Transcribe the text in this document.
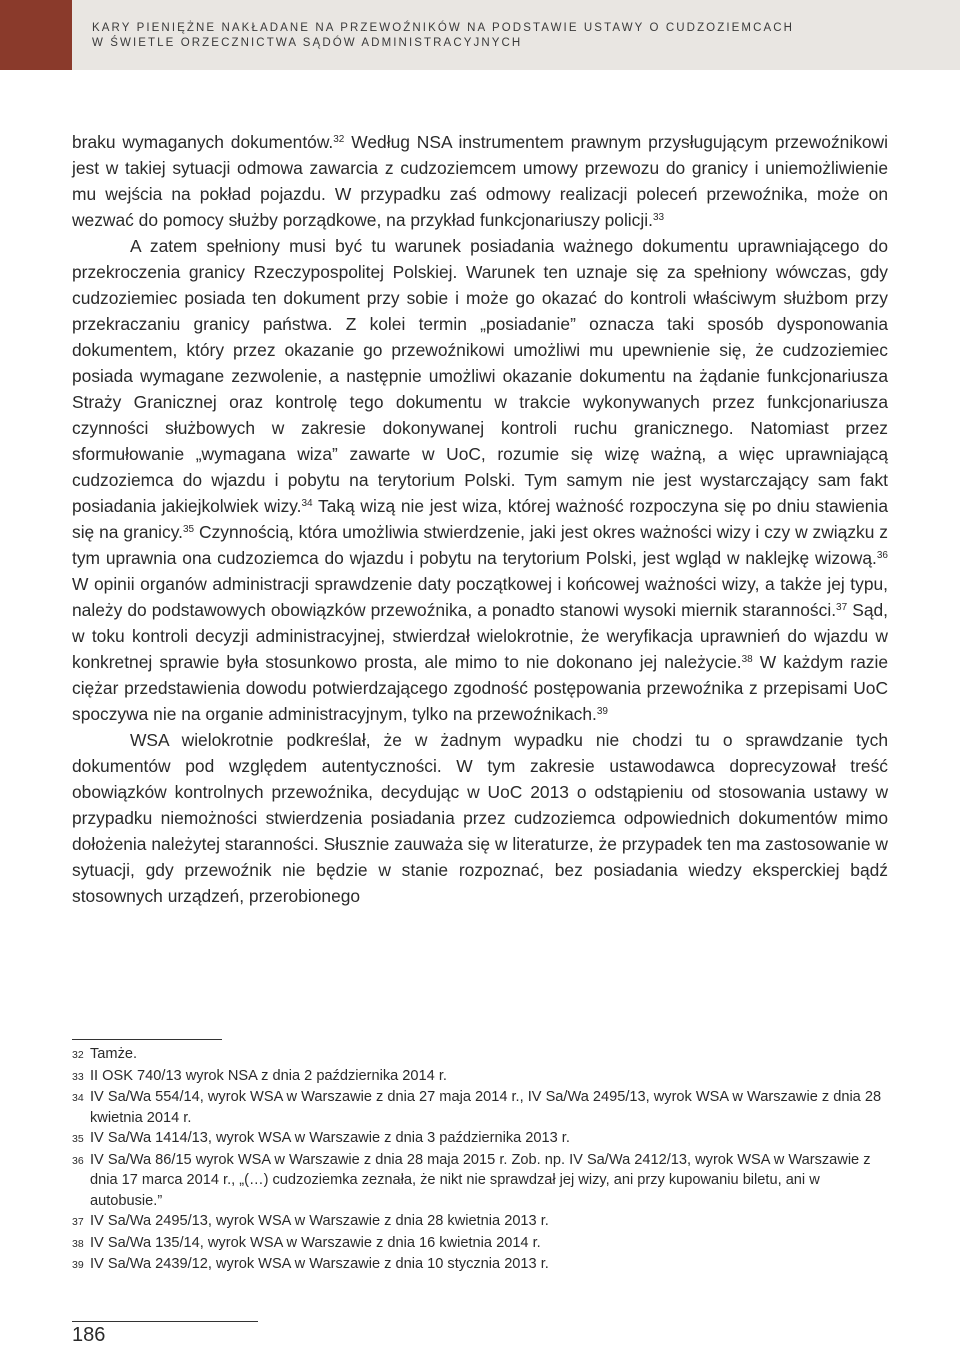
KARY PIENIĘŻNE NAKŁADANE NA PRZEWOŹNIKÓW NA PODSTAWIE USTAWY O CUDZOZIEMCACH
W ŚWIETLE ORZECZNICTWA SĄDÓW ADMINISTRACYJNYCH

braku wymaganych dokumentów.$^{32}$ Według NSA instrumentem prawnym przysługującym przewoźnikowi jest w takiej sytuacji odmowa zawarcia z cudzoziemcem umowy przewozu do granicy i uniemożliwienie mu wejścia na pokład pojazdu. W przypadku zaś odmowy realizacji poleceń przewoźnika, może on wezwać do pomocy służby porządkowe, na przykład funkcjonariuszy policji.$^{33}$

A zatem spełniony musi być tu warunek posiadania ważnego dokumentu uprawniającego do przekroczenia granicy Rzeczypospolitej Polskiej. Warunek ten uznaje się za spełniony wówczas, gdy cudzoziemiec posiada ten dokument przy sobie i może go okazać do kontroli właściwym służbom przy przekraczaniu granicy państwa. Z kolei termin „posiadanie” oznacza taki sposób dysponowania dokumentem, który przez okazanie go przewoźnikowi umożliwi mu upewnienie się, że cudzoziemiec posiada wymagane zezwolenie, a następnie umożliwi okazanie dokumentu na żądanie funkcjonariusza Straży Granicznej oraz kontrolę tego dokumentu w trakcie wykonywanych przez funkcjonariusza czynności służbowych w zakresie dokonywanej kontroli ruchu granicznego. Natomiast przez sformułowanie „wymagana wiza” zawarte w UoC, rozumie się wizę ważną, a więc uprawniającą cudzoziemca do wjazdu i pobytu na terytorium Polski. Tym samym nie jest wystarczający sam fakt posiadania jakiejkolwiek wizy.$^{34}$ Taką wizą nie jest wiza, której ważność rozpoczyna się po dniu stawienia się na granicy.$^{35}$ Czynnością, która umożliwia stwierdzenie, jaki jest okres ważności wizy i czy w związku z tym uprawnia ona cudzoziemca do wjazdu i pobytu na terytorium Polski, jest wgląd w naklejkę wizową.$^{36}$ W opinii organów administracji sprawdzenie daty początkowej i końcowej ważności wizy, a także jej typu, należy do podstawowych obowiązków przewoźnika, a ponadto stanowi wysoki miernik staranności.$^{37}$ Sąd, w toku kontroli decyzji administracyjnej, stwierdzał wielokrotnie, że weryfikacja uprawnień do wjazdu w konkretnej sprawie była stosunkowo prosta, ale mimo to nie dokonano jej należycie.$^{38}$ W każdym razie ciężar przedstawienia dowodu potwierdzającego zgodność postępowania przewoźnika z przepisami UoC spoczywa nie na organie administracyjnym, tylko na przewoźnikach.$^{39}$

WSA wielokrotnie podkreślał, że w żadnym wypadku nie chodzi tu o sprawdzanie tych dokumentów pod względem autentyczności. W tym zakresie ustawodawca doprecyzował treść obowiązków kontrolnych przewoźnika, decydując w UoC 2013 o odstąpieniu od stosowania ustawy w przypadku niemożności stwierdzenia posiadania przez cudzoziemca odpowiednich dokumentów mimo dołożenia należytej staranności. Słusznie zauważa się w literaturze, że przypadek ten ma zastosowanie w sytuacji, gdy przewoźnik nie będzie w stanie rozpoznać, bez posiadania wiedzy eksperckiej bądź stosownych urządzeń, przerobionego

32 Tamże.
33 II OSK 740/13 wyrok NSA z dnia 2 października 2014 r.
34 IV Sa/Wa 554/14, wyrok WSA w Warszawie z dnia 27 maja 2014 r., IV Sa/Wa 2495/13, wyrok WSA w Warszawie z dnia 28 kwietnia 2014 r.
35 IV Sa/Wa 1414/13, wyrok WSA w Warszawie z dnia 3 października 2013 r.
36 IV Sa/Wa 86/15 wyrok WSA w Warszawie z dnia 28 maja 2015 r. Zob. np. IV Sa/Wa 2412/13, wyrok WSA w Warszawie z dnia 17 marca 2014 r., „(…) cudzoziemka zeznała, że nikt nie sprawdzał jej wizy, ani przy kupowaniu biletu, ani w autobusie.”
37 IV Sa/Wa 2495/13, wyrok WSA w Warszawie z dnia 28 kwietnia 2013 r.
38 IV Sa/Wa 135/14, wyrok WSA w Warszawie z dnia 16 kwietnia 2014 r.
39 IV Sa/Wa 2439/12, wyrok WSA w Warszawie z dnia 10 stycznia 2013 r.
186
